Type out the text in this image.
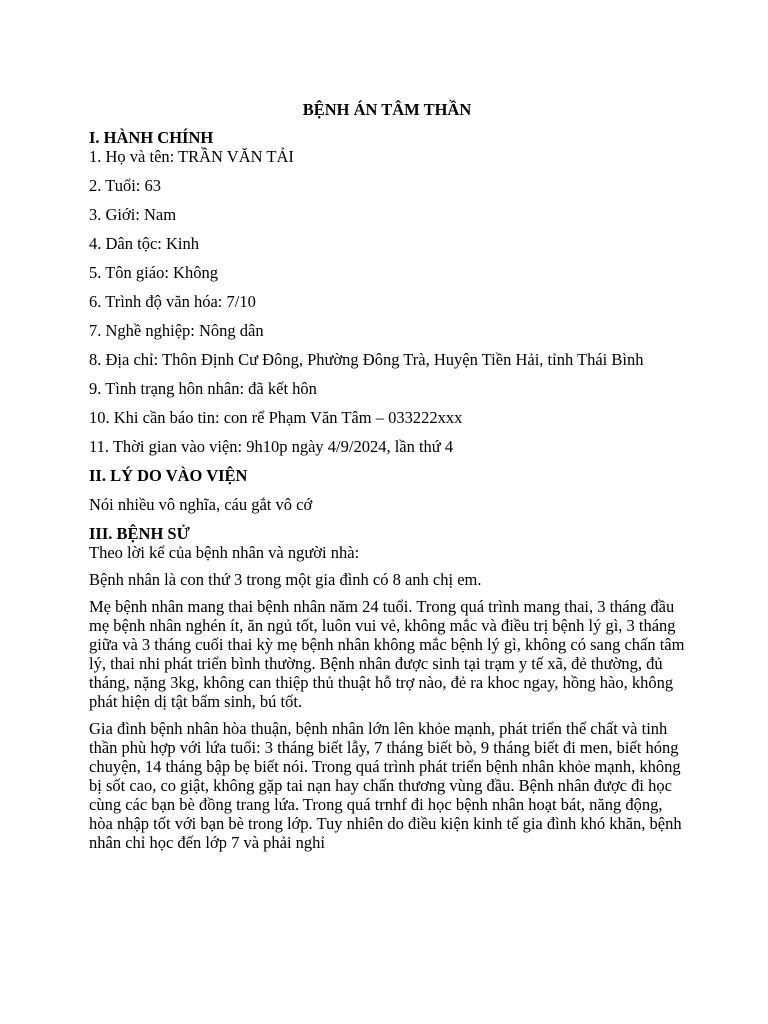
BỆNH ÁN TÂM THẦN
I. HÀNH CHÍNH
1. Họ và tên: TRẦN VĂN TẢI
2. Tuổi: 63
3. Giới: Nam
4. Dân tộc: Kinh
5. Tôn giáo: Không
6. Trình độ văn hóa: 7/10
7. Nghề nghiệp: Nông dân
8. Địa chỉ: Thôn Định Cư Đông, Phường Đông Trà, Huyện Tiền Hải, tỉnh Thái Bình
9. Tình trạng hôn nhân: đã kết hôn
10. Khi cần báo tin: con rể Phạm Văn Tâm – 033222xxx
11. Thời gian vào viện: 9h10p ngày 4/9/2024, lần thứ 4
II. LÝ DO VÀO VIỆN
Nói nhiều vô nghĩa, cáu gắt vô cớ
III. BỆNH SỬ
Theo lời kể của bệnh nhân và người nhà:
Bệnh nhân là con thứ 3 trong một gia đình có 8 anh chị em.
Mẹ bệnh nhân mang thai bệnh nhân năm 24 tuổi. Trong quá trình mang thai, 3 tháng đầu mẹ bệnh nhân nghén ít, ăn ngủ tốt, luôn vui vẻ, không mắc và điều trị bệnh lý gì, 3 tháng giữa và 3 tháng cuối thai kỳ mẹ bệnh nhân không mắc bệnh lý gì, không có sang chấn tâm lý, thai nhi phát triển bình thường. Bệnh nhân được sinh tại trạm y tế xã, đẻ thường, đủ tháng, nặng 3kg, không can thiệp thủ thuật hỗ trợ nào, đẻ ra khoc ngay, hồng hào, không phát hiện dị tật bẩm sinh, bú tốt.
Gia đình bệnh nhân hòa thuận, bệnh nhân lớn lên khỏe mạnh, phát triển thể chất và tinh thần phù hợp với lứa tuổi: 3 tháng biết lẫy, 7 tháng biết bò, 9 tháng biết đi men, biết hóng chuyện, 14 tháng bập bẹ biết nói. Trong quá trình phát triển bệnh nhân khỏe mạnh, không bị sốt cao, co giật, không gặp tai nạn hay chấn thương vùng đầu. Bệnh nhân được đi học cùng các bạn bè đồng trang lứa. Trong quá trnhf đi học bệnh nhân hoạt bát, năng động, hòa nhập tốt với bạn bè trong lớp. Tuy nhiên do điều kiện kinh tế gia đình khó khăn, bệnh nhân chỉ học đến lớp 7 và phải nghỉ
